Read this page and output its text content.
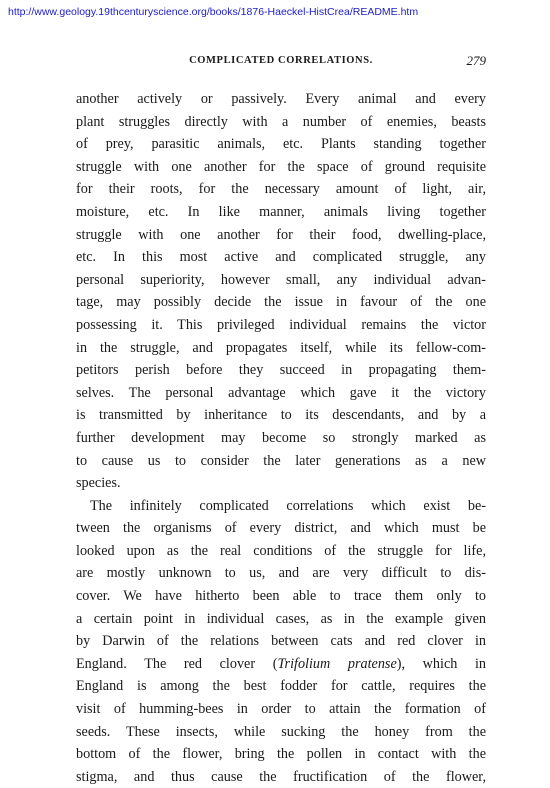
http://www.geology.19thcenturyscience.org/books/1876-Haeckel-HistCrea/README.htm
COMPLICATED CORRELATIONS.	279
another actively or passively. Every animal and every
plant struggles directly with a number of enemies, beasts
of prey, parasitic animals, etc. Plants standing together
struggle with one another for the space of ground requisite
for their roots, for the necessary amount of light, air,
moisture, etc. In like manner, animals living together
struggle with one another for their food, dwelling-place,
etc. In this most active and complicated struggle, any
personal superiority, however small, any individual advan-
tage, may possibly decide the issue in favour of the one
possessing it. This privileged individual remains the victor
in the struggle, and propagates itself, while its fellow-com-
petitors perish before they succeed in propagating them-
selves. The personal advantage which gave it the victory
is transmitted by inheritance to its descendants, and by a
further development may become so strongly marked as
to cause us to consider the later generations as a new
species.
The infinitely complicated correlations which exist be-
tween the organisms of every district, and which must be
looked upon as the real conditions of the struggle for life,
are mostly unknown to us, and are very difficult to dis-
cover. We have hitherto been able to trace them only to
a certain point in individual cases, as in the example given
by Darwin of the relations between cats and red clover in
England. The red clover (Trifolium pratense), which in
England is among the best fodder for cattle, requires the
visit of humming-bees in order to attain the formation of
seeds. These insects, while sucking the honey from the
bottom of the flower, bring the pollen in contact with the
stigma, and thus cause the fructification of the flower,
